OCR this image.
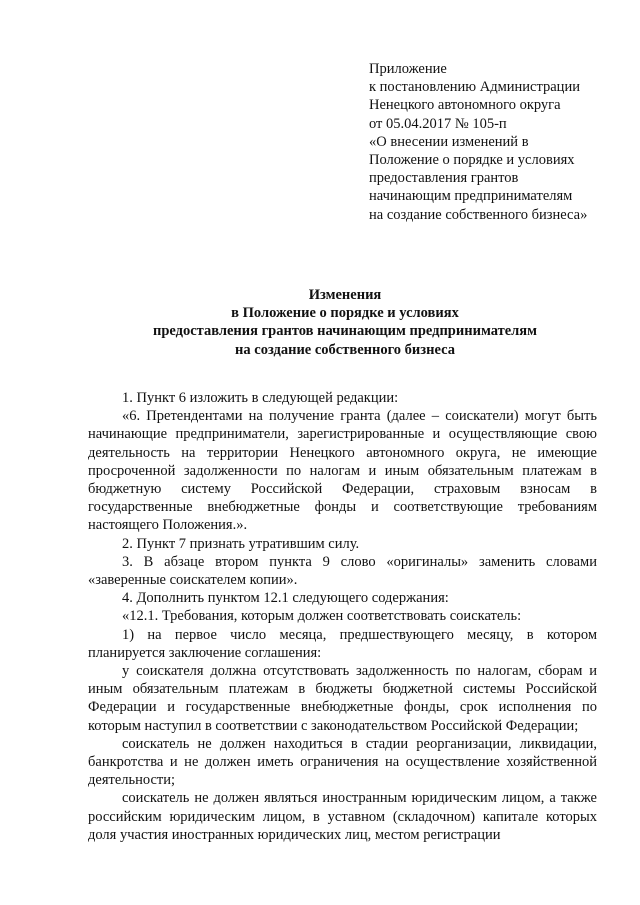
Приложение
к постановлению Администрации
Ненецкого автономного округа
от 05.04.2017 № 105-п
«О внесении изменений в
Положение о порядке и условиях
предоставления грантов
начинающим предпринимателям
на создание собственного бизнеса»
Изменения
в Положение о порядке и условиях
предоставления грантов начинающим предпринимателям
на создание собственного бизнеса

1. Пункт 6 изложить в следующей редакции:

«6. Претендентами на получение гранта (далее – соискатели) могут быть начинающие предприниматели, зарегистрированные и осуществляющие свою деятельность на территории Ненецкого автономного округа, не имеющие просроченной задолженности по налогам и иным обязательным платежам в бюджетную систему Российской Федерации, страховым взносам в государственные внебюджетные фонды и соответствующие требованиям настоящего Положения.».

2. Пункт 7 признать утратившим силу.

3. В абзаце втором пункта 9 слово «оригиналы» заменить словами «заверенные соискателем копии».

4. Дополнить пунктом 12.1 следующего содержания:

«12.1. Требования, которым должен соответствовать соискатель:

1) на первое число месяца, предшествующего месяцу, в котором планируется заключение соглашения:

у соискателя должна отсутствовать задолженность по налогам, сборам и иным обязательным платежам в бюджеты бюджетной системы Российской Федерации и государственные внебюджетные фонды, срок исполнения по которым наступил в соответствии с законодательством Российской Федерации;

соискатель не должен находиться в стадии реорганизации, ликвидации, банкротства и не должен иметь ограничения на осуществление хозяйственной деятельности;

соискатель не должен являться иностранным юридическим лицом, а также российским юридическим лицом, в уставном (складочном) капитале которых доля участия иностранных юридических лиц, местом регистрации
